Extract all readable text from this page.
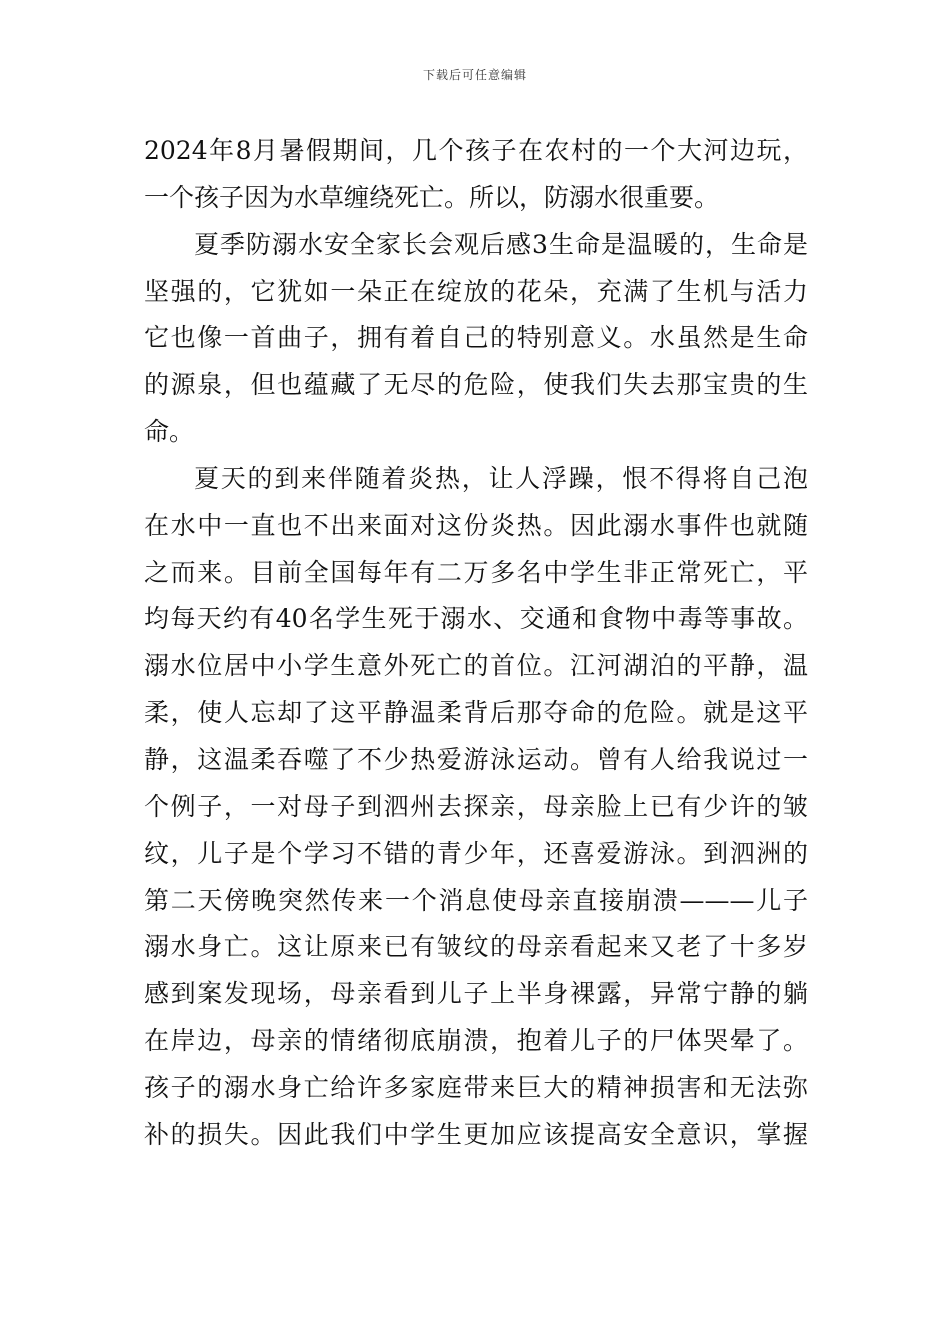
下载后可任意编辑
2024年8月暑假期间，几个孩子在农村的一个大河边玩，
一个孩子因为水草缠绕死亡。所以，防溺水很重要。
夏季防溺水安全家长会观后感3生命是温暖的，生命是
坚强的，它犹如一朵正在绽放的花朵，充满了生机与活力
它也像一首曲子，拥有着自己的特别意义。水虽然是生命
的源泉，但也蕴藏了无尽的危险，使我们失去那宝贵的生
命。
夏天的到来伴随着炎热，让人浮躁，恨不得将自己泡
在水中一直也不出来面对这份炎热。因此溺水事件也就随
之而来。目前全国每年有二万多名中学生非正常死亡，平
均每天约有40名学生死于溺水、交通和食物中毒等事故。
溺水位居中小学生意外死亡的首位。江河湖泊的平静，温
柔，使人忘却了这平静温柔背后那夺命的危险。就是这平
静，这温柔吞噬了不少热爱游泳运动。曾有人给我说过一
个例子，一对母子到泗州去探亲，母亲脸上已有少许的皱
纹，儿子是个学习不错的青少年，还喜爱游泳。到泗洲的
第二天傍晚突然传来一个消息使母亲直接崩溃———儿子
溺水身亡。这让原来已有皱纹的母亲看起来又老了十多岁
感到案发现场，母亲看到儿子上半身裸露，异常宁静的躺
在岸边，母亲的情绪彻底崩溃，抱着儿子的尸体哭晕了。
孩子的溺水身亡给许多家庭带来巨大的精神损害和无法弥
补的损失。因此我们中学生更加应该提高安全意识，掌握
